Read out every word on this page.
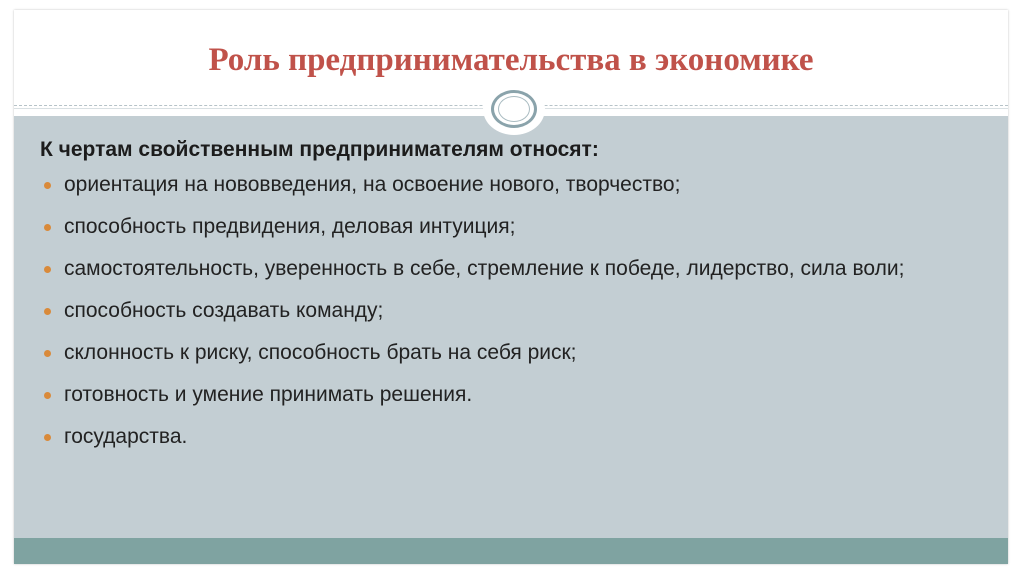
Роль предпринимательства в экономике
К чертам свойственным предпринимателям относят:
ориентация на нововведения, на освоение нового, творчество;
способность предвидения, деловая интуиция;
самостоятельность, уверенность в себе, стремление к победе, лидерство, сила воли;
способность создавать команду;
склонность к риску, способность брать на себя риск;
готовность и умение принимать решения.
государства.
